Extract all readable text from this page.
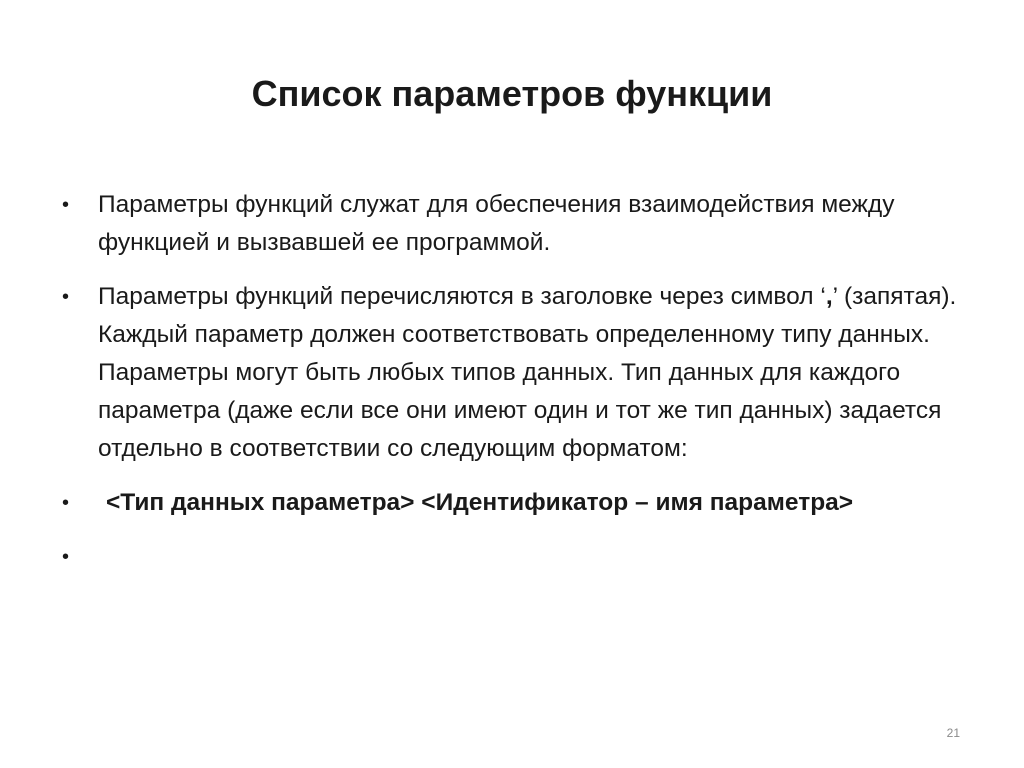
Список параметров функции
•	Параметры функций служат для обеспечения взаимодействия между функцией и вызвавшей ее программой.
•	Параметры функций перечисляются в заголовке через символ ‘,’ (запятая). Каждый параметр должен соответствовать определенному типу данных. Параметры могут быть любых типов данных. Тип данных для каждого параметра (даже если все они имеют один и тот же тип данных) задается отдельно в соответствии со следующим форматом:
•	<Тип данных параметра> <Идентификатор – имя параметра>
•
21
